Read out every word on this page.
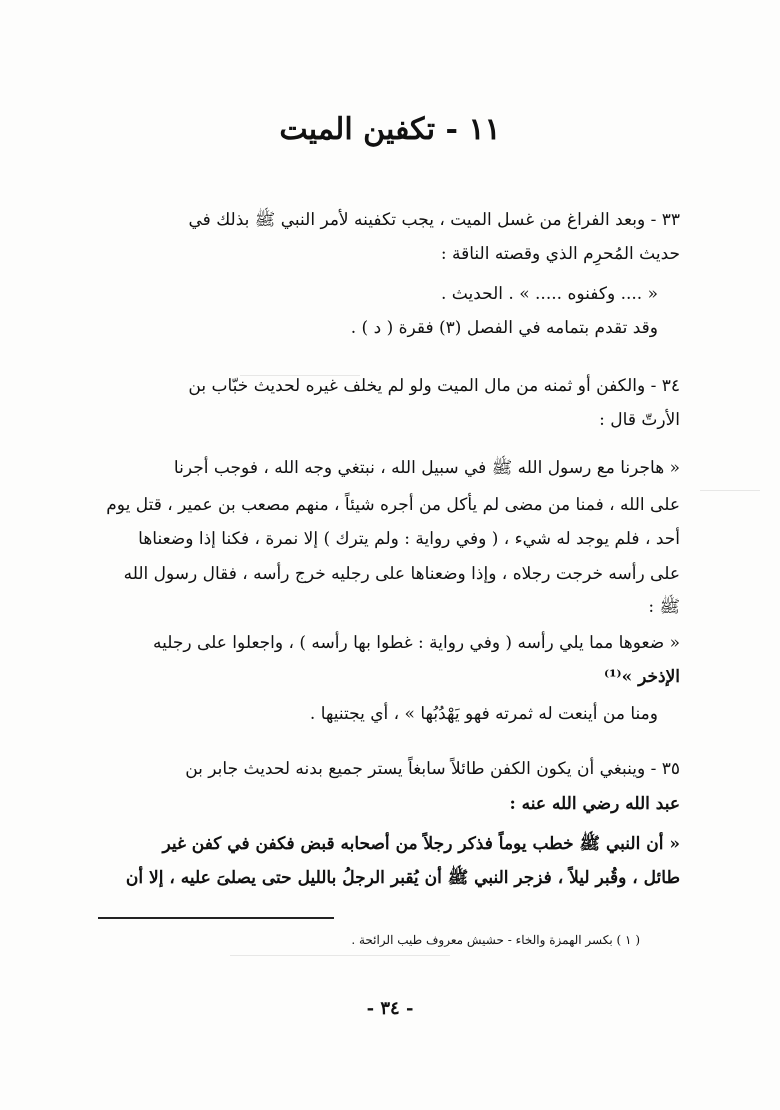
١١ - تكفين الميت
٣٣ - وبعد الفراغ من غسل الميت ، يجب تكفينه لأمر النبي ﷺ بذلك في
حديث المُحرِم الذي وقصته الناقة :
« .... وكفنوه ..... » . الحديث .
وقد تقدم بتمامه في الفصل (٣) فقرة ( د ) .
٣٤ - والكفن أو ثمنه من مال الميت ولو لم يخلف غيره لحديث خبّاب بن
الأرتّ قال :
« هاجرنا مع رسول الله ﷺ في سبيل الله ، نبتغي وجه الله ، فوجب أجرنا
على الله ، فمنا من مضى لم يأكل من أجره شيئاً ، منهم مصعب بن عمير ، قتل يوم
أحد ، فلم يوجد له شيء ، ( وفي رواية : ولم يترك ) إلا نمرة ، فكنا إذا وضعناها
على رأسه خرجت رجلاه ، وإذا وضعناها على رجليه خرج رأسه ، فقال رسول الله
ﷺ :
« ضعوها مما يلي رأسه ( وفي رواية : غطوا بها رأسه ) ، واجعلوا على رجليه
الإذخر »⁽¹⁾
ومنا من أينعت له ثمرته فهو يَهْدُبُها » ، أي يجتنيها .
٣٥ - وينبغي أن يكون الكفن طائلاً سابغاً يستر جميع بدنه لحديث جابر بن
عبد الله رضي الله عنه :
« أن النبي ﷺ خطب يوماً فذكر رجلاً من أصحابه قبض فكفن في كفن غير
طائل ، وقُبر ليلاً ، فزجر النبي ﷺ أن يُقبر الرجلُ بالليل حتى يصلىَ عليه ، إلا أن
( ١ ) بكسر الهمزة والخاء - حشيش معروف طيب الرائحة .
- ٣٤ -
